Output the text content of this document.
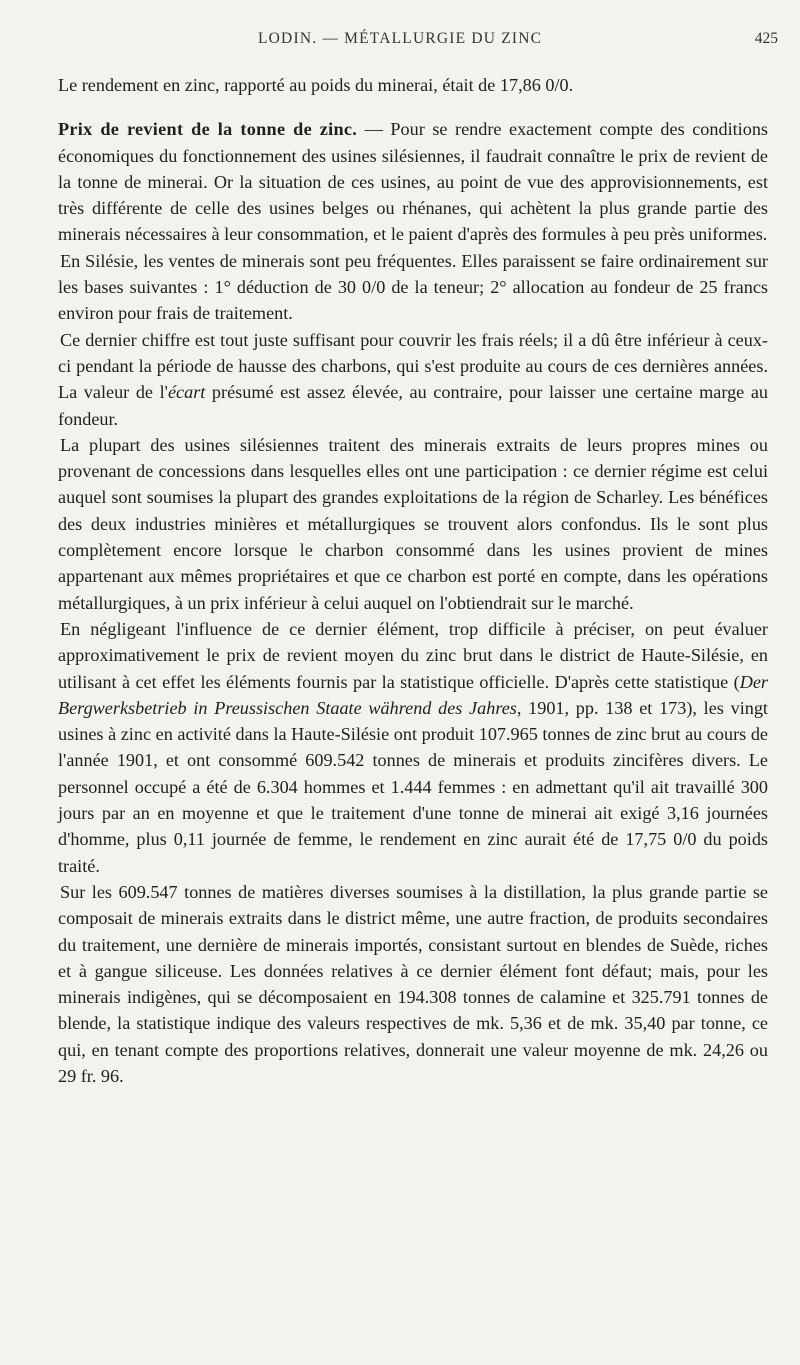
LODIN. — MÉTALLURGIE DU ZINC	425

Le rendement en zinc, rapporté au poids du minerai, était de 17,86 0/0.

Prix de revient de la tonne de zinc. — Pour se rendre exactement compte des conditions économiques du fonctionnement des usines silésiennes, il faudrait connaître le prix de revient de la tonne de minerai. Or la situation de ces usines, au point de vue des approvisionnements, est très différente de celle des usines belges ou rhénanes, qui achètent la plus grande partie des minerais nécessaires à leur consommation, et le paient d'après des formules à peu près uniformes.

En Silésie, les ventes de minerais sont peu fréquentes. Elles paraissent se faire ordinairement sur les bases suivantes : 1° déduction de 30 0/0 de la teneur; 2° allocation au fondeur de 25 francs environ pour frais de traitement.

Ce dernier chiffre est tout juste suffisant pour couvrir les frais réels; il a dû être inférieur à ceux-ci pendant la période de hausse des charbons, qui s'est produite au cours de ces dernières années. La valeur de l'écart présumé est assez élevée, au contraire, pour laisser une certaine marge au fondeur.

La plupart des usines silésiennes traitent des minerais extraits de leurs propres mines ou provenant de concessions dans lesquelles elles ont une participation : ce dernier régime est celui auquel sont soumises la plupart des grandes exploitations de la région de Scharley. Les bénéfices des deux industries minières et métallurgiques se trouvent alors confondus. Ils le sont plus complètement encore lorsque le charbon consommé dans les usines provient de mines appartenant aux mêmes propriétaires et que ce charbon est porté en compte, dans les opérations métallurgiques, à un prix inférieur à celui auquel on l'obtiendrait sur le marché.

En négligeant l'influence de ce dernier élément, trop difficile à préciser, on peut évaluer approximativement le prix de revient moyen du zinc brut dans le district de Haute-Silésie, en utilisant à cet effet les éléments fournis par la statistique officielle. D'après cette statistique (Der Bergwerksbetrieb in Preussischen Staate während des Jahres, 1901, pp. 138 et 173), les vingt usines à zinc en activité dans la Haute-Silésie ont produit 107.965 tonnes de zinc brut au cours de l'année 1901, et ont consommé 609.542 tonnes de minerais et produits zincifères divers. Le personnel occupé a été de 6.304 hommes et 1.444 femmes : en admettant qu'il ait travaillé 300 jours par an en moyenne et que le traitement d'une tonne de minerai ait exigé 3,16 journées d'homme, plus 0,11 journée de femme, le rendement en zinc aurait été de 17,75 0/0 du poids traité.

Sur les 609.547 tonnes de matières diverses soumises à la distillation, la plus grande partie se composait de minerais extraits dans le district même, une autre fraction, de produits secondaires du traitement, une dernière de minerais importés, consistant surtout en blendes de Suède, riches et à gangue siliceuse. Les données relatives à ce dernier élément font défaut; mais, pour les minerais indigènes, qui se décomposaient en 194.308 tonnes de calamine et 325.791 tonnes de blende, la statistique indique des valeurs respectives de mk. 5,36 et de mk. 35,40 par tonne, ce qui, en tenant compte des proportions relatives, donnerait une valeur moyenne de mk. 24,26 ou 29 fr. 96.
